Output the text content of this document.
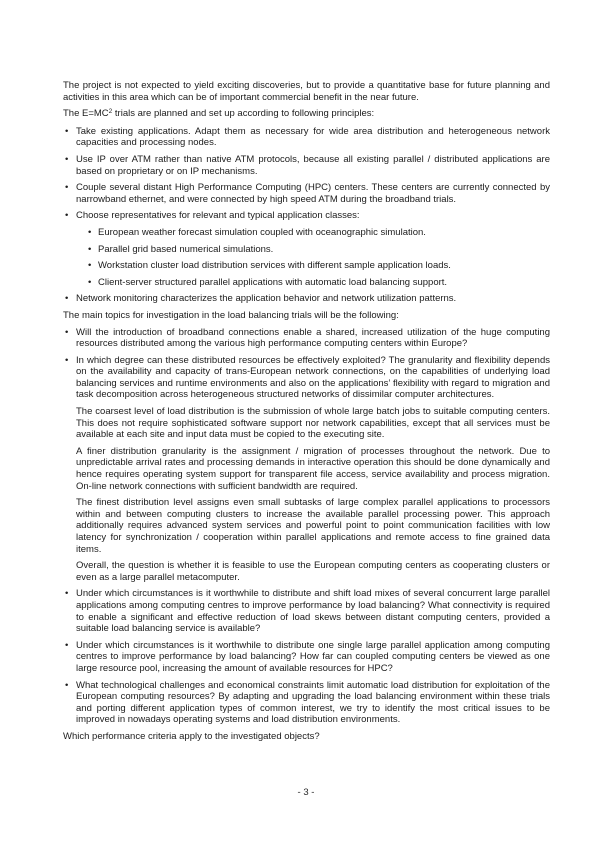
The project is not expected to yield exciting discoveries, but to provide a quantitative base for future planning and activities in this area which can be of important commercial benefit in the near future.

The $E=MC^2$ trials are planned and set up according to following principles:

• Take existing applications. Adapt them as necessary for wide area distribution and heterogeneous network capacities and processing nodes.
• Use IP over ATM rather than native ATM protocols, because all existing parallel / distributed applications are based on proprietary or on IP mechanisms.
• Couple several distant High Performance Computing (HPC) centers. These centers are currently connected by narrowband ethernet, and were connected by high speed ATM during the broadband trials.
• Choose representatives for relevant and typical application classes:
• European weather forecast simulation coupled with oceanographic simulation.
• Parallel grid based numerical simulations.
• Workstation cluster load distribution services with different sample application loads.
• Client-server structured parallel applications with automatic load balancing support.
• Network monitoring characterizes the application behavior and network utilization patterns.

The main topics for investigation in the load balancing trials will be the following:

• Will the introduction of broadband connections enable a shared, increased utilization of the huge computing resources distributed among the various high performance computing centers within Europe?
• In which degree can these distributed resources be effectively exploited? The granularity and flexibility depends on the availability and capacity of trans-European network connections, on the capabilities of underlying load balancing services and runtime environments and also on the applications’ flexibility with regard to migration and task decomposition across heterogeneous structured networks of dissimilar computer architectures.

The coarsest level of load distribution is the submission of whole large batch jobs to suitable computing centers. This does not require sophisticated software support nor network capabilities, except that all services must be available at each site and input data must be copied to the executing site.

A finer distribution granularity is the assignment / migration of processes throughout the network. Due to unpredictable arrival rates and processing demands in interactive operation this should be done dynamically and hence requires operating system support for transparent file access, service availability and process migration. On-line network connections with sufficient bandwidth are required.

The finest distribution level assigns even small subtasks of large complex parallel applications to processors within and between computing clusters to increase the available parallel processing power. This approach additionally requires advanced system services and powerful point to point communication facilities with low latency for synchronization / cooperation within parallel applications and remote access to fine grained data items.

Overall, the question is whether it is feasible to use the European computing centers as cooperating clusters or even as a large parallel metacomputer.

• Under which circumstances is it worthwhile to distribute and shift load mixes of several concurrent large parallel applications among computing centres to improve performance by load balancing? What connectivity is required to enable a significant and effective reduction of load skews between distant computing centers, provided a suitable load balancing service is available?
• Under which circumstances is it worthwhile to distribute one single large parallel application among computing centres to improve performance by load balancing? How far can coupled computing centers be viewed as one large resource pool, increasing the amount of available resources for HPC?
• What technological challenges and economical constraints limit automatic load distribution for exploitation of the European computing resources? By adapting and upgrading the load balancing environment within these trials and porting different application types of common interest, we try to identify the most critical issues to be improved in nowadays operating systems and load distribution environments.

Which performance criteria apply to the investigated objects?

- 3 -
